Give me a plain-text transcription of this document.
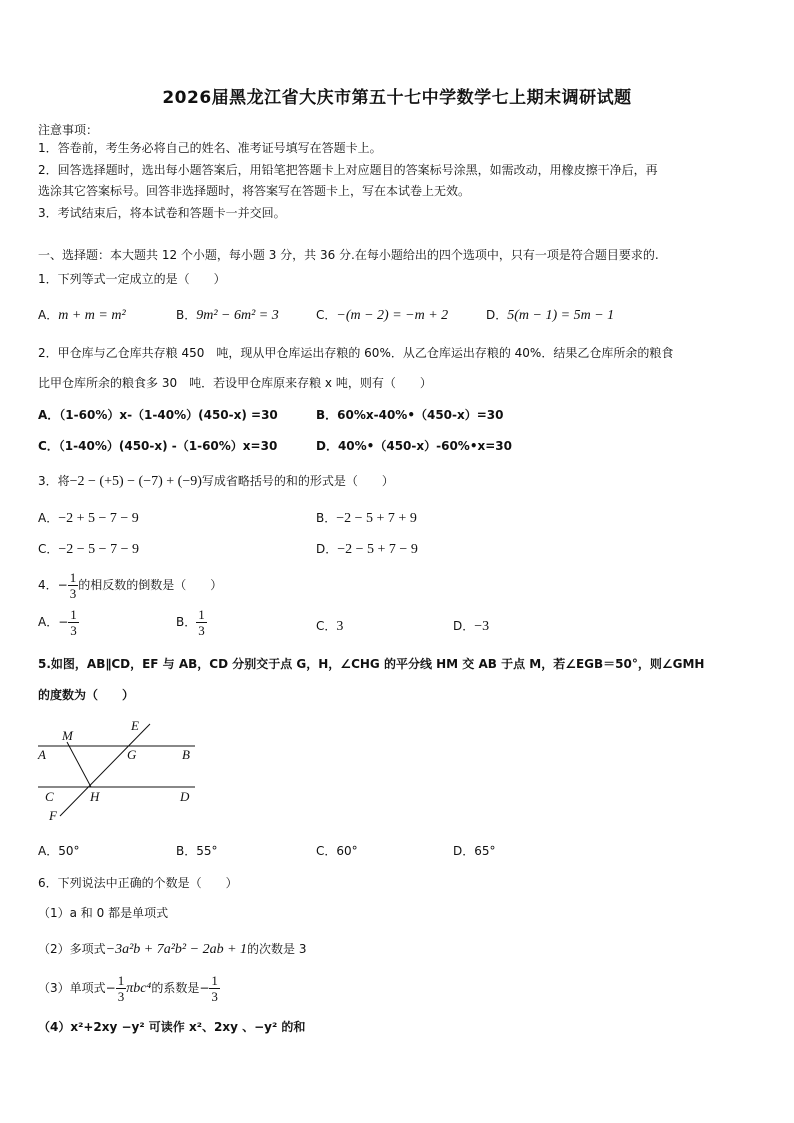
2026届黑龙江省大庆市第五十七中学数学七上期末调研试题
注意事项：
1．答卷前，考生务必将自己的姓名、准考证号填写在答题卡上。
2．回答选择题时，选出每小题答案后，用铅笔把答题卡上对应题目的答案标号涂黑，如需改动，用橡皮擦干净后，再
选涂其它答案标号。回答非选择题时，将答案写在答题卡上，写在本试卷上无效。
3．考试结束后，将本试卷和答题卡一并交回。
一、选择题：本大题共 12 个小题，每小题 3 分，共 36 分.在每小题给出的四个选项中，只有一项是符合题目要求的.
1．下列等式一定成立的是（　　）
A．m + m = m²	B．9m² − 6m² = 3	C．−(m − 2) = −m + 2	D．5(m − 1) = 5m − 1
2．甲仓库与乙仓库共存粮 450　吨，现从甲仓库运出存粮的 60%．从乙仓库运出存粮的 40%．结果乙仓库所余的粮食
比甲仓库所余的粮食多 30　吨．若设甲仓库原来存粮 x 吨，则有（　　）
A．（1-60%）x-（1-40%）(450-x) =30	B．60%x-40%•（450-x）=30
C．（1-40%）(450-x) -（1-60%）x=30	D．40%•（450-x）-60%•x=30
3．将−2 − (+5) − (−7) + (−9)写成省略括号的和的形式是（　　）
A．−2 + 5 − 7 − 9	B．−2 − 5 + 7 + 9
C．−2 − 5 − 7 − 9	D．−2 − 5 + 7 − 9
4．− $\frac{1}{3}$ 的相反数的倒数是（　　）
A．− $\frac{1}{3}$	B． $\frac{1}{3}$	C．3	D．−3
5.如图，AB∥CD，EF 与 AB，CD 分别交于点 G，H，∠CHG 的平分线 HM 交 AB 于点 M，若∠EGB＝50°，则∠GMH
的度数为（　　）
M
E
A	G	B
C	H	D
F
A．50°	B．55°	C．60°	D．65°
6．下列说法中正确的个数是（　　）
（1）a 和 0 都是单项式
（2）多项式−3a²b + 7a²b² − 2ab + 1的次数是 3
（3）单项式− $\frac{1}{3} \pi bc^4$的系数是− $\frac{1}{3}$
（4）x²+2xy −y² 可读作 x²、2xy 、−y² 的和
